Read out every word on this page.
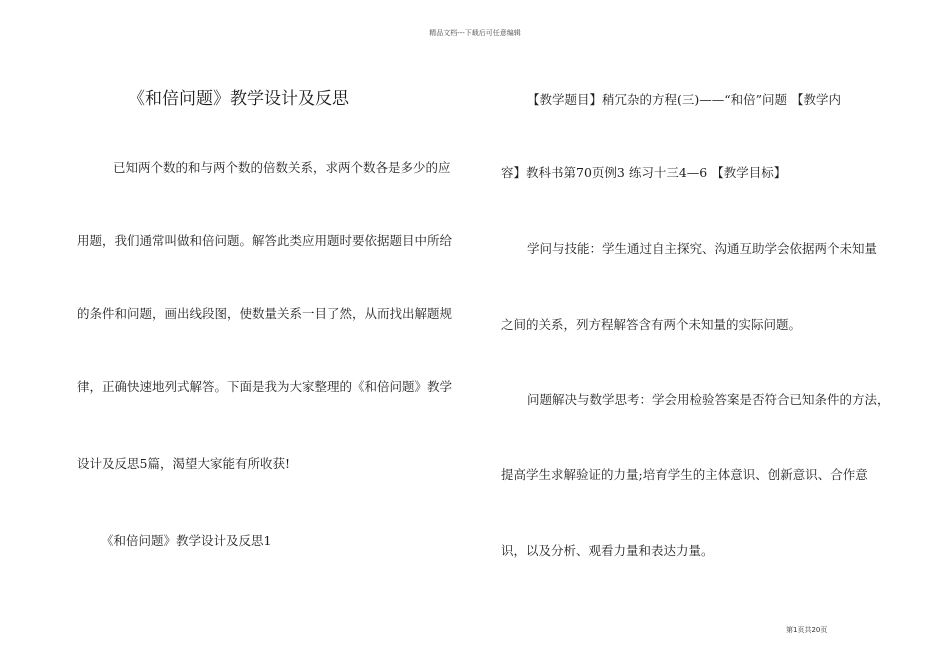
精品文档---下载后可任意编辑
《和倍问题》教学设计及反思
已知两个数的和与两个数的倍数关系，求两个数各是多少的应
用题，我们通常叫做和倍问题。解答此类应用题时要依据题目中所给
的条件和问题，画出线段图，使数量关系一目了然，从而找出解题规
律，正确快速地列式解答。下面是我为大家整理的《和倍问题》教学
设计及反思5篇，渴望大家能有所收获!
《和倍问题》教学设计及反思1
【教学题目】稍冗杂的方程(三)——“和倍”问题 【教学内
容】教科书第70页例3 练习十三4—6 【教学目标】
学问与技能：学生通过自主探究、沟通互助学会依据两个未知量
之间的关系，列方程解答含有两个未知量的实际问题。
问题解决与数学思考：学会用检验答案是否符合已知条件的方法，
提高学生求解验证的力量;培育学生的主体意识、创新意识、合作意
识，以及分析、观看力量和表达力量。
第1页共20页
